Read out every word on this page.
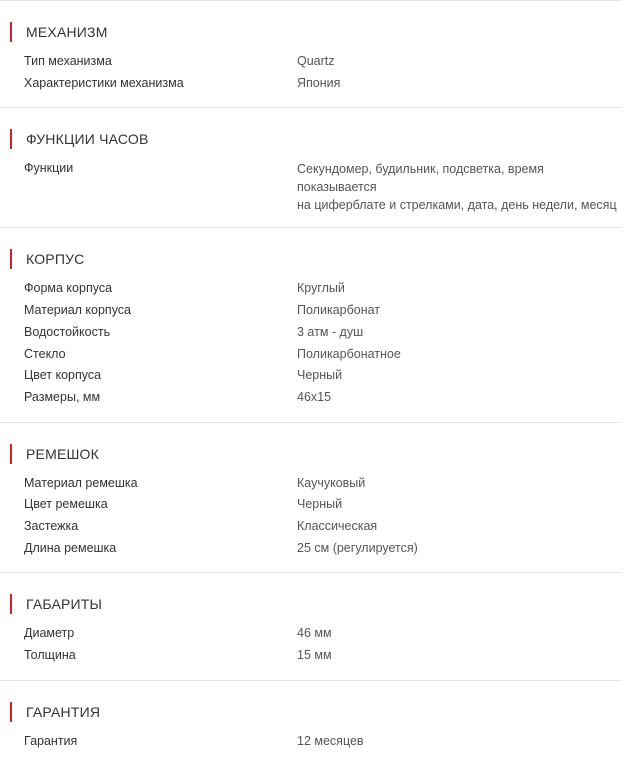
МЕХАНИЗМ
Тип механизма	Quartz
Характеристики механизма	Япония
ФУНКЦИИ ЧАСОВ
Функции	Секундомер, будильник, подсветка, время показывается
на циферблате и стрелками, дата, день недели, месяц
КОРПУС
Форма корпуса	Круглый
Материал корпуса	Поликарбонат
Водостойкость	3 атм - душ
Стекло	Поликарбонатное
Цвет корпуса	Черный
Размеры, мм	46x15
РЕМЕШОК
Материал ремешка	Каучуковый
Цвет ремешка	Черный
Застежка	Классическая
Длина ремешка	25 см (регулируется)
ГАБАРИТЫ
Диаметр	46 мм
Толщина	15 мм
ГАРАНТИЯ
Гарантия	12 месяцев
